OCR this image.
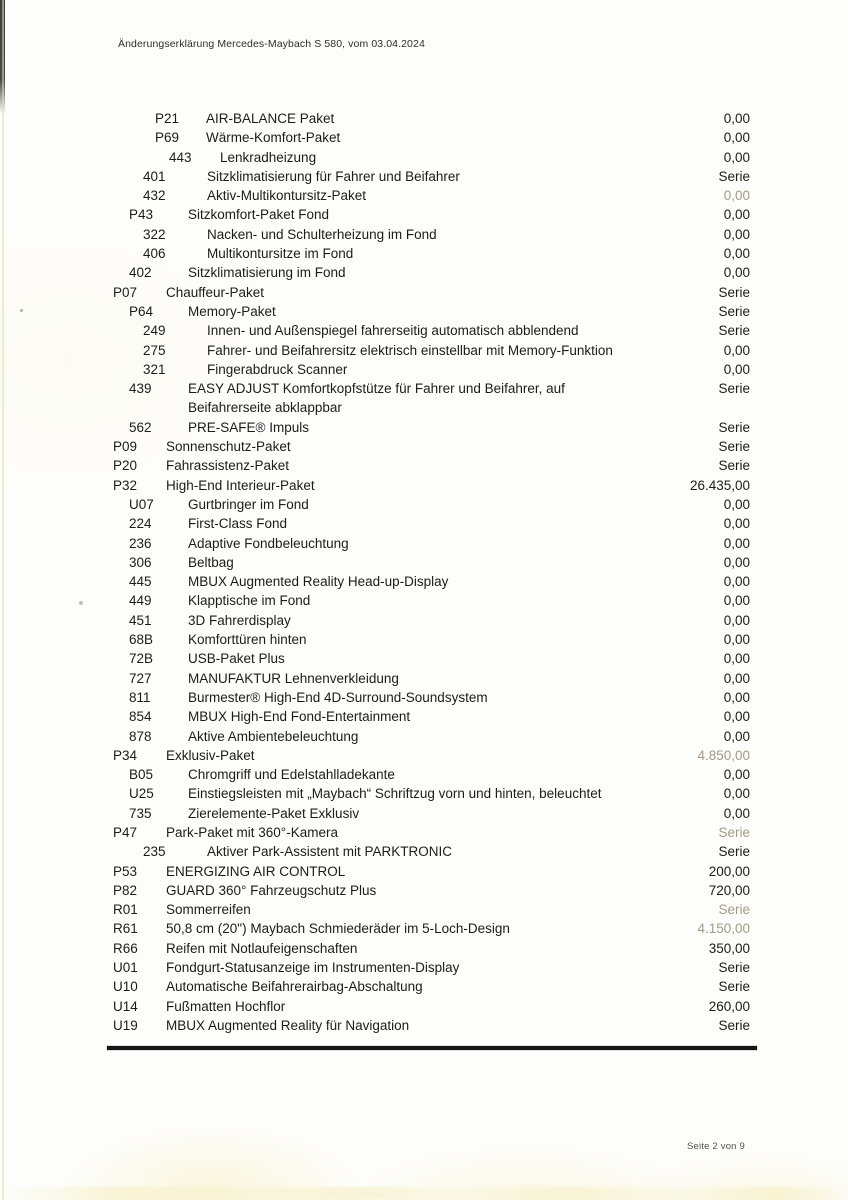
Änderungserklärung Mercedes-Maybach S 580, vom 03.04.2024
P21 AIR-BALANCE Paket	0,00
P69 Wärme-Komfort-Paket	0,00
443 Lenkradheizung	0,00
401	Sitzklimatisierung für Fahrer und Beifahrer	Serie
432	Aktiv-Multikontursitz-Paket	0,00
P43	Sitzkomfort-Paket Fond	0,00
322	Nacken- und Schulterheizung im Fond	0,00
406	Multikontursitze im Fond	0,00
402	Sitzklimatisierung im Fond	0,00
P07 Chauffeur-Paket	Serie
P64	Memory-Paket	Serie
249	Innen- und Außenspiegel fahrerseitig automatisch abblendend	Serie
275	Fahrer- und Beifahrersitz elektrisch einstellbar mit Memory-Funktion	0,00
321	Fingerabdruck Scanner	0,00
439	EASY ADJUST Komfortkopfstütze für Fahrer und Beifahrer, auf	Serie
Beifahrerseite abklappbar
562	PRE-SAFE® Impuls	Serie
P09 Sonnenschutz-Paket	Serie
P20 Fahrassistenz-Paket	Serie
P32 High-End Interieur-Paket	26.435,00
U07	Gurtbringer im Fond	0,00
224	First-Class Fond	0,00
236	Adaptive Fondbeleuchtung	0,00
306	Beltbag	0,00
445	MBUX Augmented Reality Head-up-Display	0,00
449	Klapptische im Fond	0,00
451	3D Fahrerdisplay	0,00
68B	Komforttüren hinten	0,00
72B	USB-Paket Plus	0,00
727	MANUFAKTUR Lehnenverkleidung	0,00
811	Burmester® High-End 4D-Surround-Soundsystem	0,00
854	MBUX High-End Fond-Entertainment	0,00
878	Aktive Ambientebeleuchtung	0,00
P34 Exklusiv-Paket	4.850,00
B05	Chromgriff und Edelstahlladekante	0,00
U25	Einstiegsleisten mit „Maybach“ Schriftzug vorn und hinten, beleuchtet	0,00
735	Zierelemente-Paket Exklusiv	0,00
P47 Park-Paket mit 360°-Kamera	Serie
235	Aktiver Park-Assistent mit PARKTRONIC	Serie
P53 ENERGIZING AIR CONTROL	200,00
P82 GUARD 360° Fahrzeugschutz Plus	720,00
R01 Sommerreifen	Serie
R61 50,8 cm (20") Maybach Schmiederäder im 5-Loch-Design	4.150,00
R66 Reifen mit Notlaufeigenschaften	350,00
U01 Fondgurt-Statusanzeige im Instrumenten-Display	Serie
U10 Automatische Beifahrerairbag-Abschaltung	Serie
U14 Fußmatten Hochflor	260,00
U19 MBUX Augmented Reality für Navigation	Serie
Seite 2 von 9
